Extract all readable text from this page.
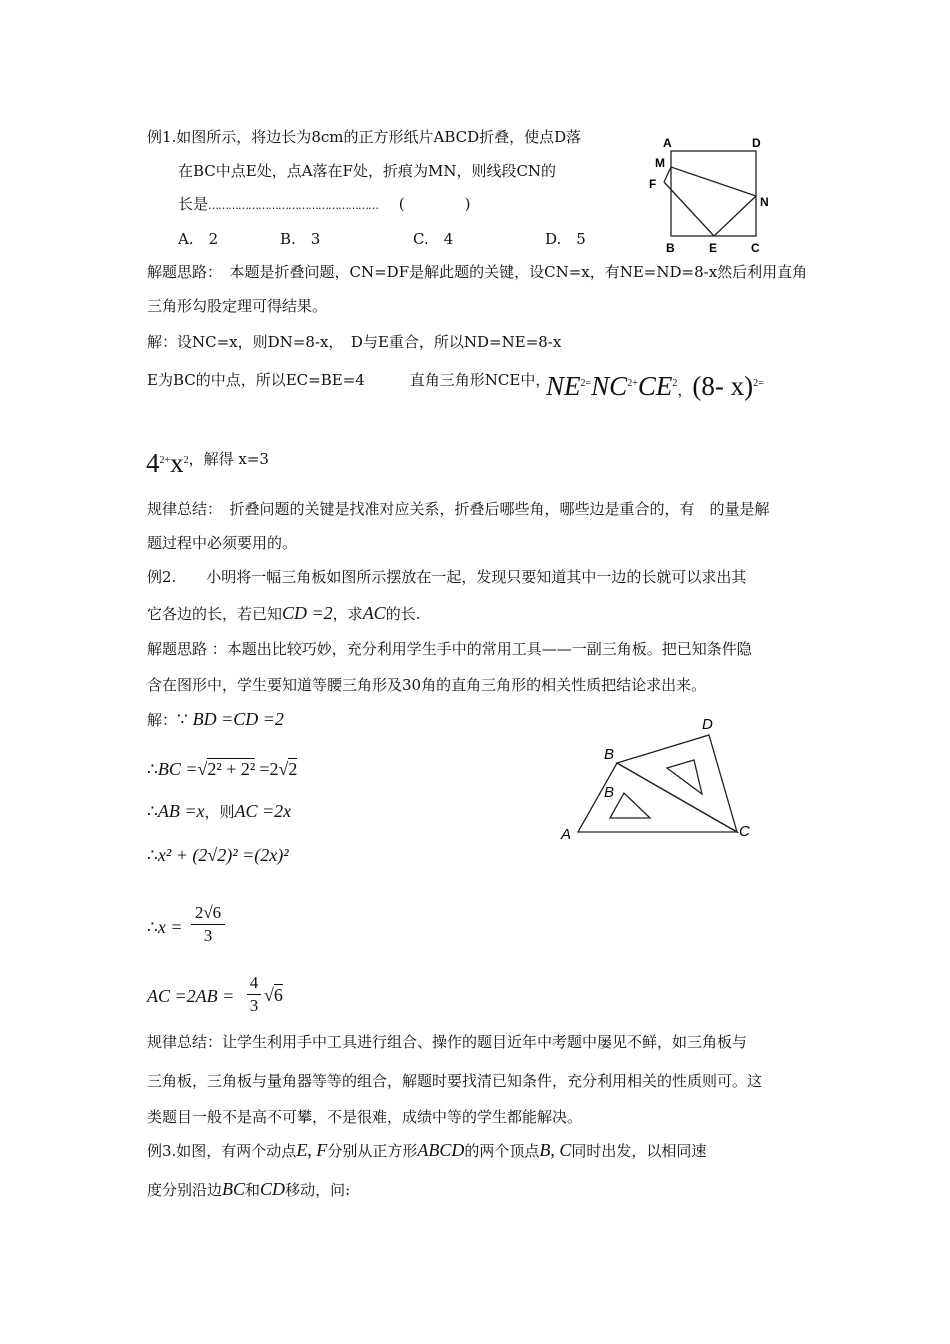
例1.如图所示，将边长为8cm的正方形纸片ABCD折叠，使点D落
在BC中点E处，点A落在F处，折痕为MN，则线段CN的
长是…………………………………………… (　　　　)
A.　2	B.　3	C.　4	D.　5
A	D
M
F
N
B	E	C
解题思路：　本题是折叠问题，CN=DF是解此题的关键，设CN=x，有NE=ND=8-x然后利用直角
三角形勾股定理可得结果。
解：设NC=x，则DN=8-x，　D与E重合，所以ND=NE=8-x
E为BC的中点，所以EC=BE=4　　　直角三角形NCE中，
$NE^{2=}NC^{2+}CE^2$，(8- x)$^{2=}$
$4^{2+}x^{2,解得 x=3}$
规律总结：　折叠问题的关键是找准对应关系，折叠后哪些角，哪些边是重合的，有　的量是解
题过程中必须要用的。
例2.　　小明将一幅三角板如图所示摆放在一起，发现只要知道其中一边的长就可以求出其
它各边的长，若已知CD =2，求AC的长.
解题思路 ：本题出比较巧妙，充分利用学生手中的常用工具——一副三角板。把已知条件隐
含在图形中，学生要知道等腰三角形及30角的直角三角形的相关性质把结论求出来。
解：∵ BD =CD =2
∴BC =√2² + 2² =2√2
∴AB =x，则AC =2x
∴x² + (2√2)² =(2x)²
∴x =
2√6
3
AC =2AB =
4
3
√6
D
B
B
A	C
规律总结：让学生利用手中工具进行组合、操作的题目近年中考题中屡见不鲜，如三角板与
三角板，三角板与量角器等等的组合，解题时要找清已知条件，充分利用相关的性质则可。这
类题目一般不是高不可攀，不是很难，成绩中等的学生都能解决。
例3.如图，有两个动点E, F分别从正方形ABCD的两个顶点B, C同时出发，以相同速
度分别沿边BC和CD移动，问:
